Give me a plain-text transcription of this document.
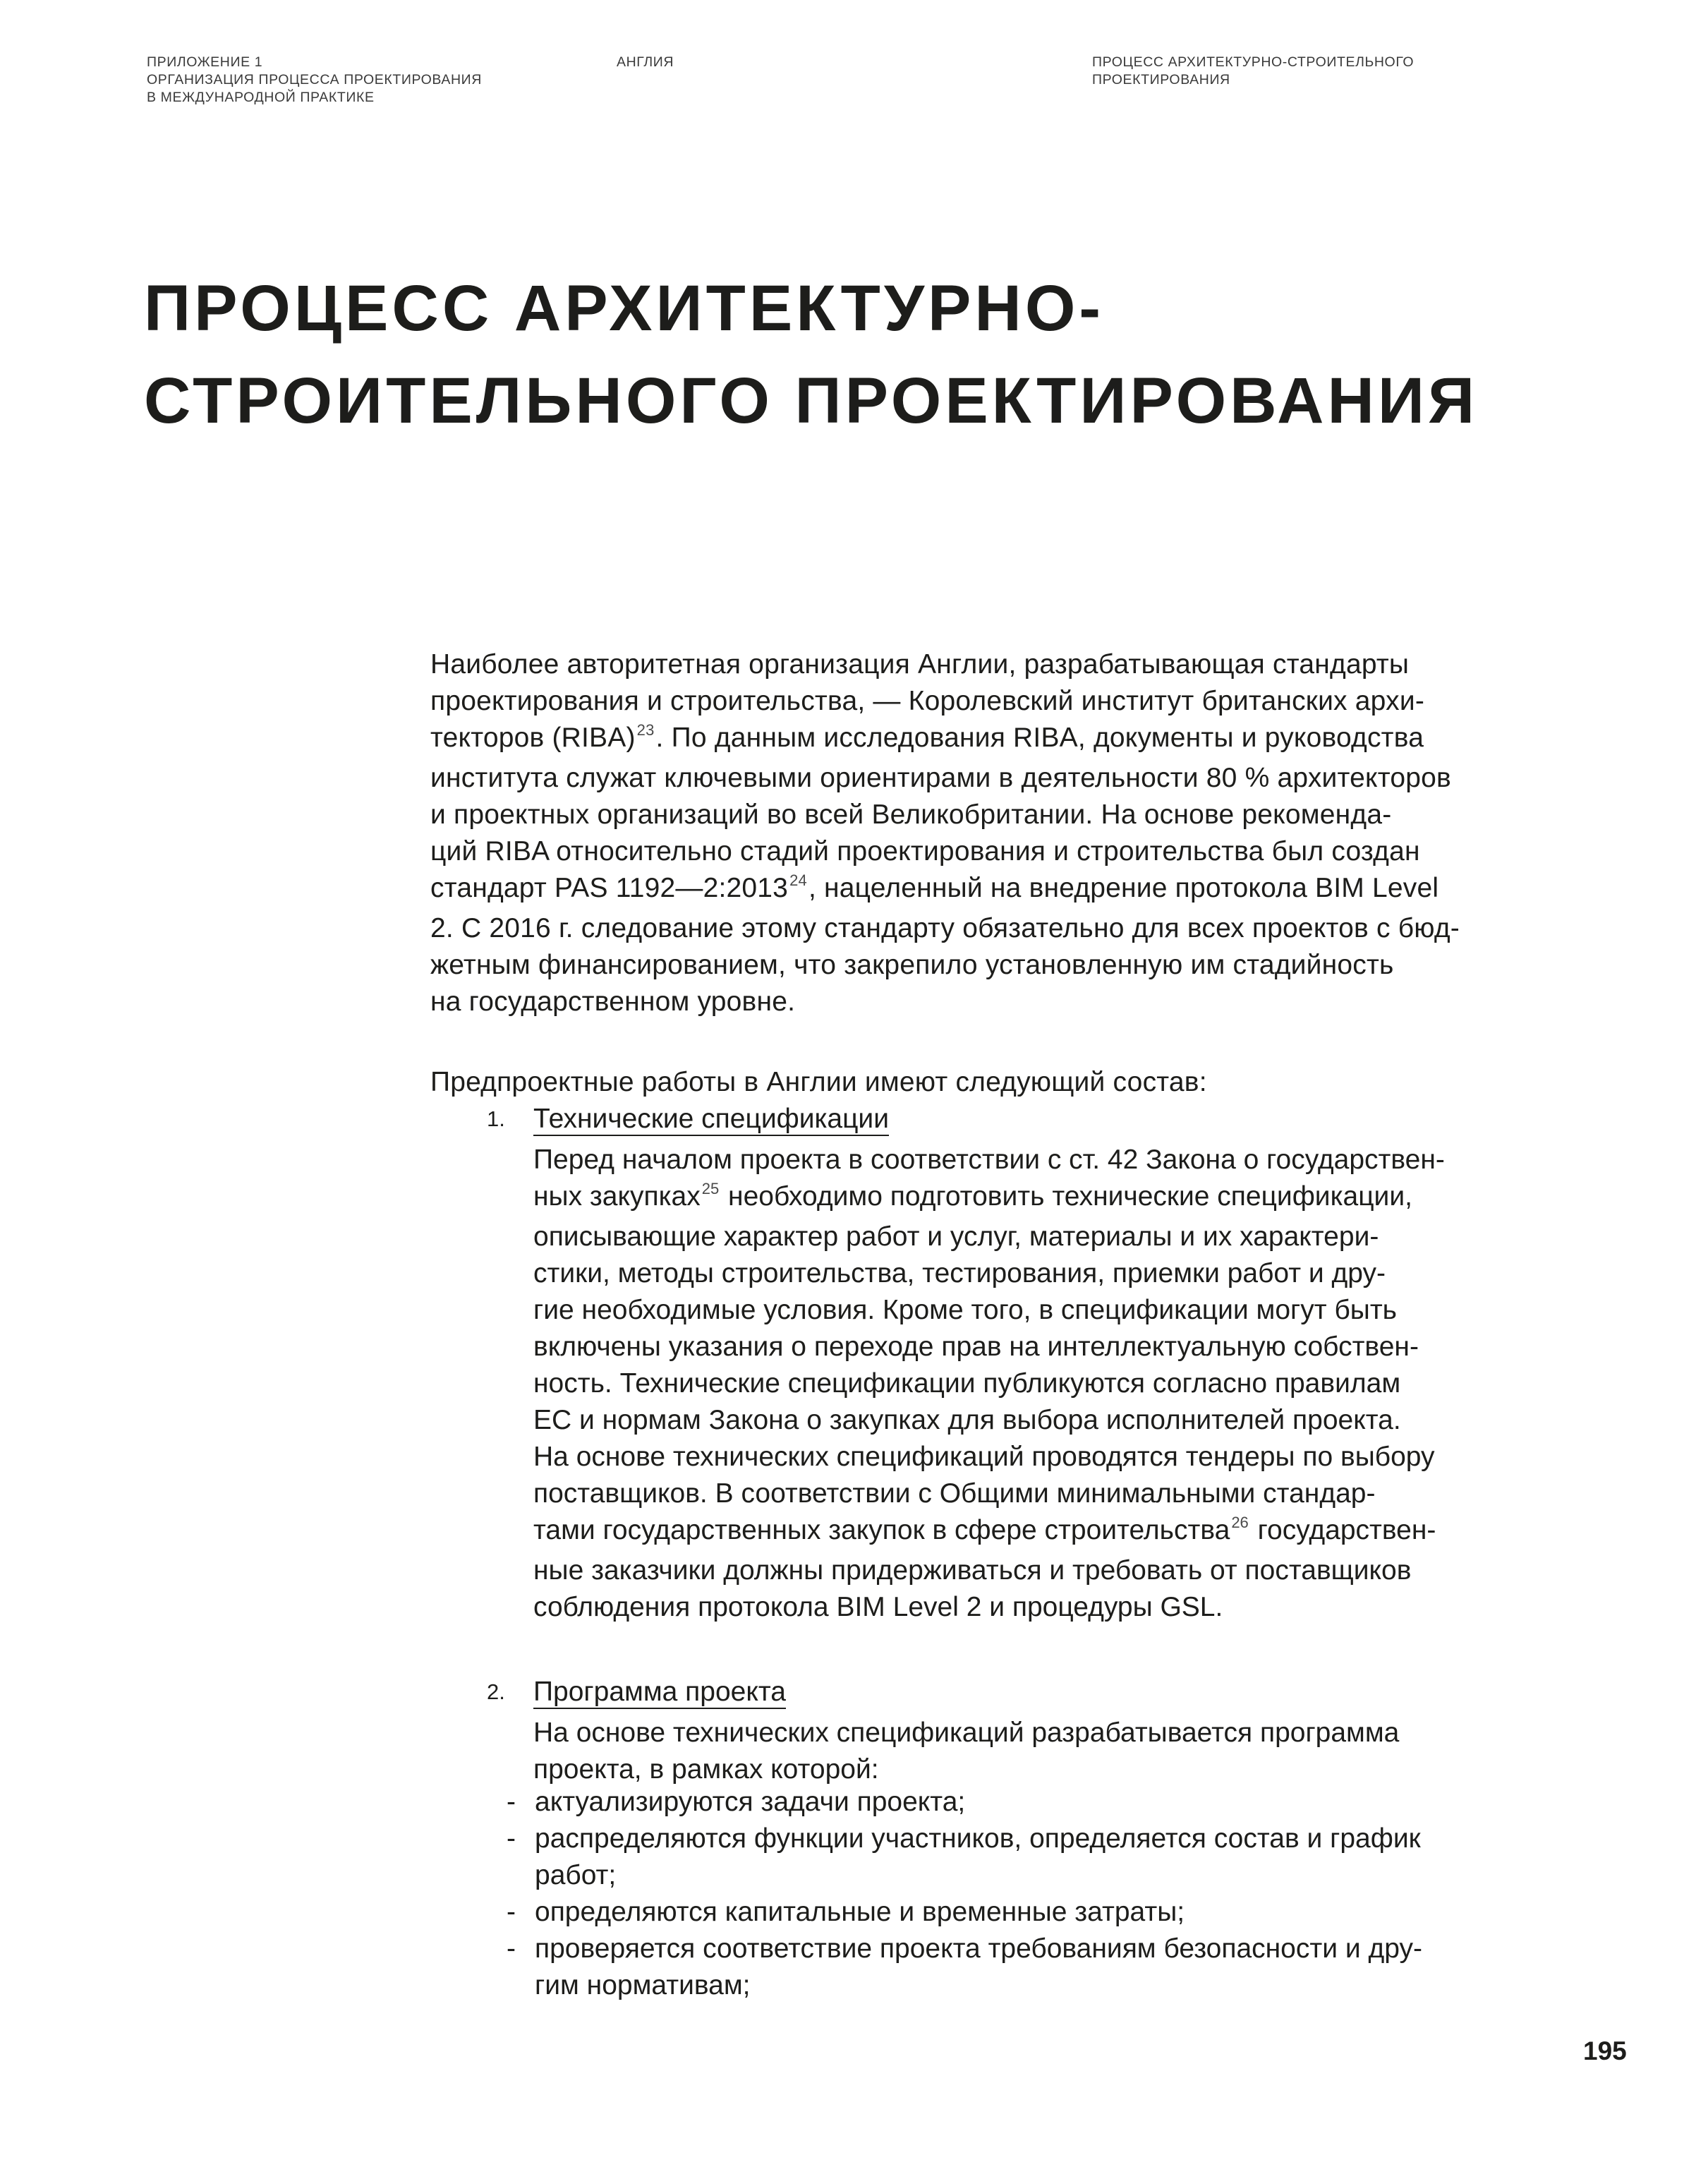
ПРИЛОЖЕНИЕ 1
ОРГАНИЗАЦИЯ ПРОЦЕССА ПРОЕКТИРОВАНИЯ
В МЕЖДУНАРОДНОЙ ПРАКТИКЕ
АНГЛИЯ	ПРОЦЕСС АРХИТЕКТУРНО-СТРОИТЕЛЬНОГО
ПРОЕКТИРОВАНИЯ
ПРОЦЕСС АРХИТЕКТУРНО-
СТРОИТЕЛЬНОГО ПРОЕКТИРОВАНИЯ
Наиболее авторитетная организация Англии, разрабатывающая стандарты
проектирования и строительства, — Королевский институт британских архи-
текторов (RIBA)$^{23}$. По данным исследования RIBA, документы и руководства
института служат ключевыми ориентирами в деятельности 80 % архитекторов
и проектных организаций во всей Великобритании. На основе рекоменда-
ций RIBA относительно стадий проектирования и строительства был создан
стандарт PAS 1192—2:2013$^{24}$, нацеленный на внедрение протокола BIM Level
2. С 2016 г. следование этому стандарту обязательно для всех проектов с бюд-
жетным финансированием, что закрепило установленную им стадийность
на государственном уровне.
Предпроектные работы в Англии имеют следующий состав:
1. Технические спецификации
Перед началом проекта в соответствии с ст. 42 Закона о государствен-
ных закупках$^{25}$ необходимо подготовить технические спецификации,
описывающие характер работ и услуг, материалы и их характери-
стики, методы строительства, тестирования, приемки работ и дру-
гие необходимые условия. Кроме того, в спецификации могут быть
включены указания о переходе прав на интеллектуальную собствен-
ность. Технические спецификации публикуются согласно правилам
ЕС и нормам Закона о закупках для выбора исполнителей проекта.
На основе технических спецификаций проводятся тендеры по выбору
поставщиков. В соответствии с Общими минимальными стандар-
тами государственных закупок в сфере строительства$^{26}$ государствен-
ные заказчики должны придерживаться и требовать от поставщиков
соблюдения протокола BIM Level 2 и процедуры GSL.
2. Программа проекта
На основе технических спецификаций разрабатывается программа
проекта, в рамках которой:
- актуализируются задачи проекта;
- распределяются функции участников, определяется состав и график
работ;
- определяются капитальные и временные затраты;
- проверяется соответствие проекта требованиям безопасности и дру-
гим нормативам;
195
